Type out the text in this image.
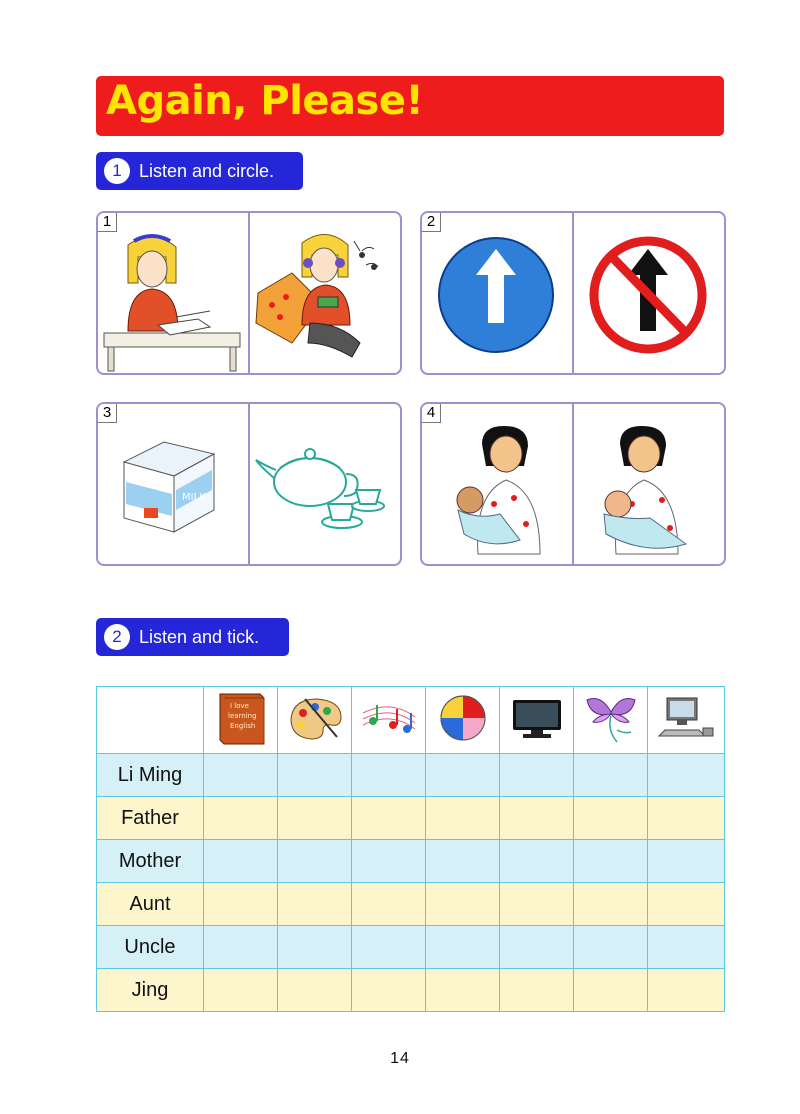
Again, Please!
1 Listen and circle.
1	2
3
MILK
4
2 Listen and tick.

I love
learning
English

Li Ming							
Father							
Mother							
Aunt							
Uncle							
Jing							
14
